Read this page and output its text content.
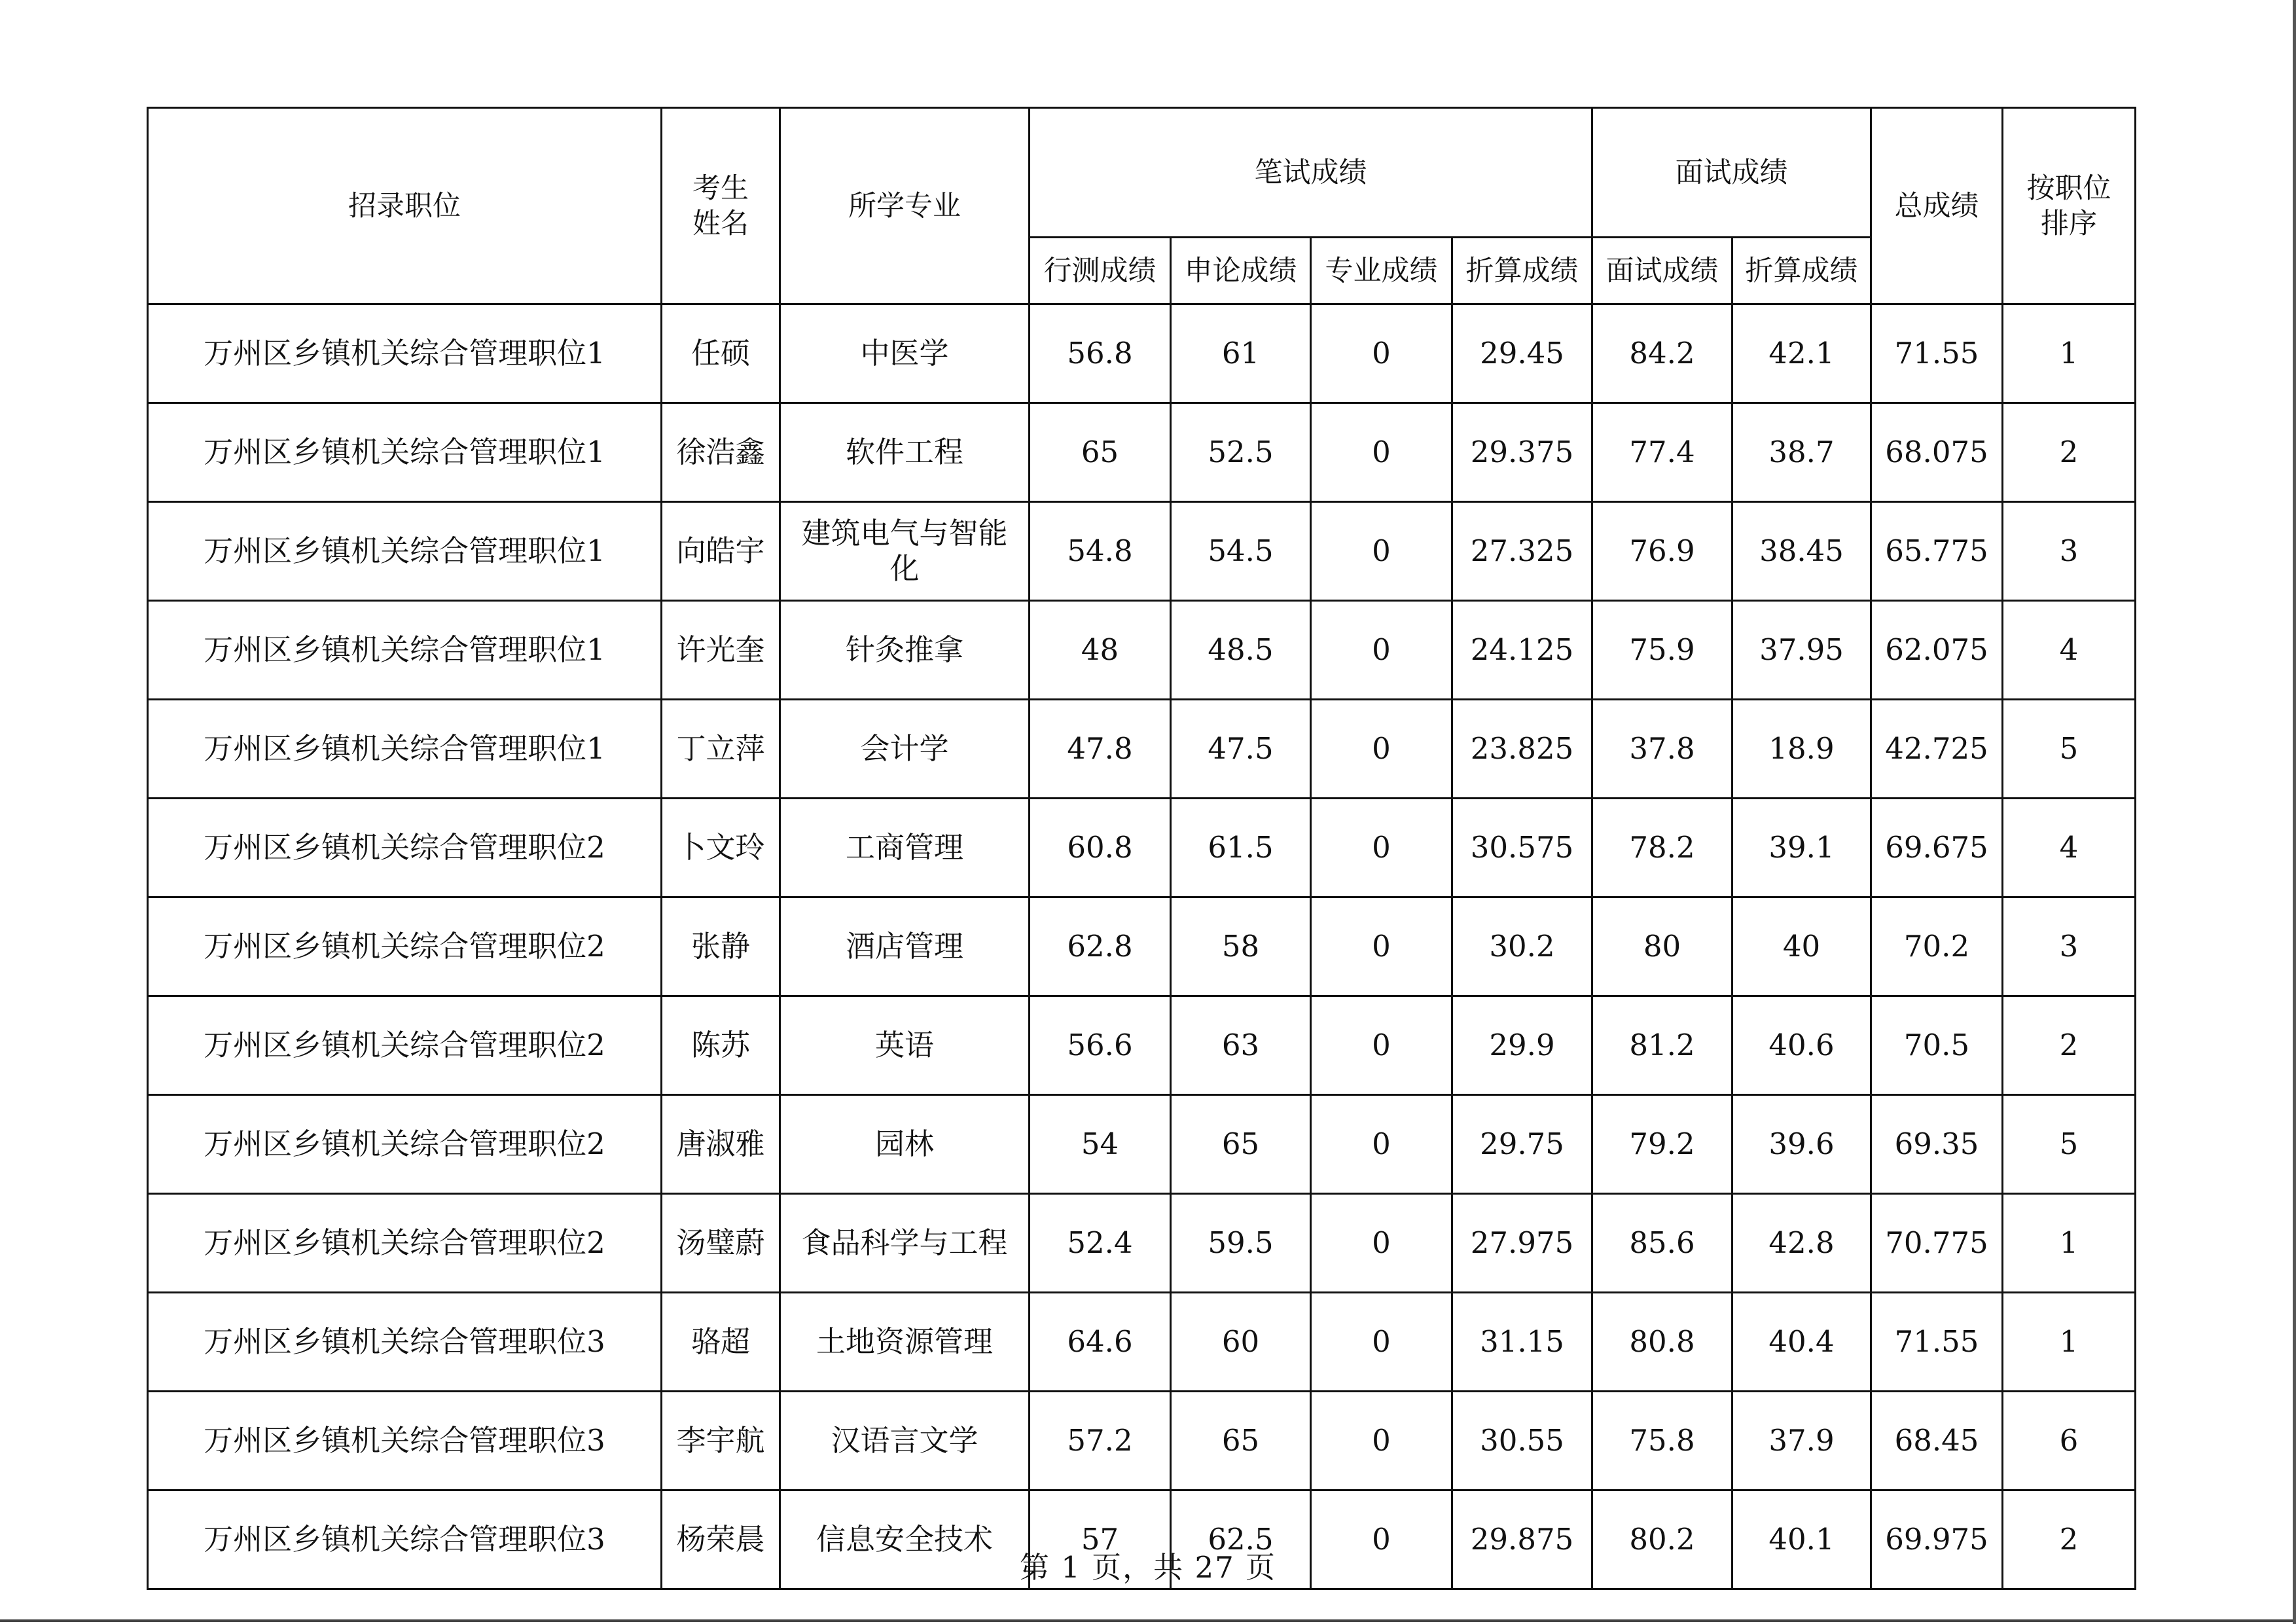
招录职位	考生姓名	所学专业	笔试成绩				面试成绩		总成绩	按职位排序

			行测成绩	申论成绩	专业成绩	折算成绩	面试成绩	折算成绩		
万州区乡镇机关综合管理职位1	任硕	中医学	56.8	61	0	29.45	84.2	42.1	71.55	1
万州区乡镇机关综合管理职位1	徐浩鑫	软件工程	65	52.5	0	29.375	77.4	38.7	68.075	2
万州区乡镇机关综合管理职位1	向皓宇	建筑电气与智能化	54.8	54.5	0	27.325	76.9	38.45	65.775	3
万州区乡镇机关综合管理职位1	许光奎	针灸推拿	48	48.5	0	24.125	75.9	37.95	62.075	4
万州区乡镇机关综合管理职位1	丁立萍	会计学	47.8	47.5	0	23.825	37.8	18.9	42.725	5
万州区乡镇机关综合管理职位2	卜文玲	工商管理	60.8	61.5	0	30.575	78.2	39.1	69.675	4
万州区乡镇机关综合管理职位2	张静	酒店管理	62.8	58	0	30.2	80	40	70.2	3
万州区乡镇机关综合管理职位2	陈苏	英语	56.6	63	0	29.9	81.2	40.6	70.5	2
万州区乡镇机关综合管理职位2	唐淑雅	园林	54	65	0	29.75	79.2	39.6	69.35	5
万州区乡镇机关综合管理职位2	汤璧蔚	食品科学与工程	52.4	59.5	0	27.975	85.6	42.8	70.775	1
万州区乡镇机关综合管理职位3	骆超	土地资源管理	64.6	60	0	31.15	80.8	40.4	71.55	1
万州区乡镇机关综合管理职位3	李宇航	汉语言文学	57.2	65	0	30.55	75.8	37.9	68.45	6
万州区乡镇机关综合管理职位3	杨荣晨	信息安全技术	57	62.5	0	29.875	80.2	40.1	69.975	2
第 1 页，共 27 页
